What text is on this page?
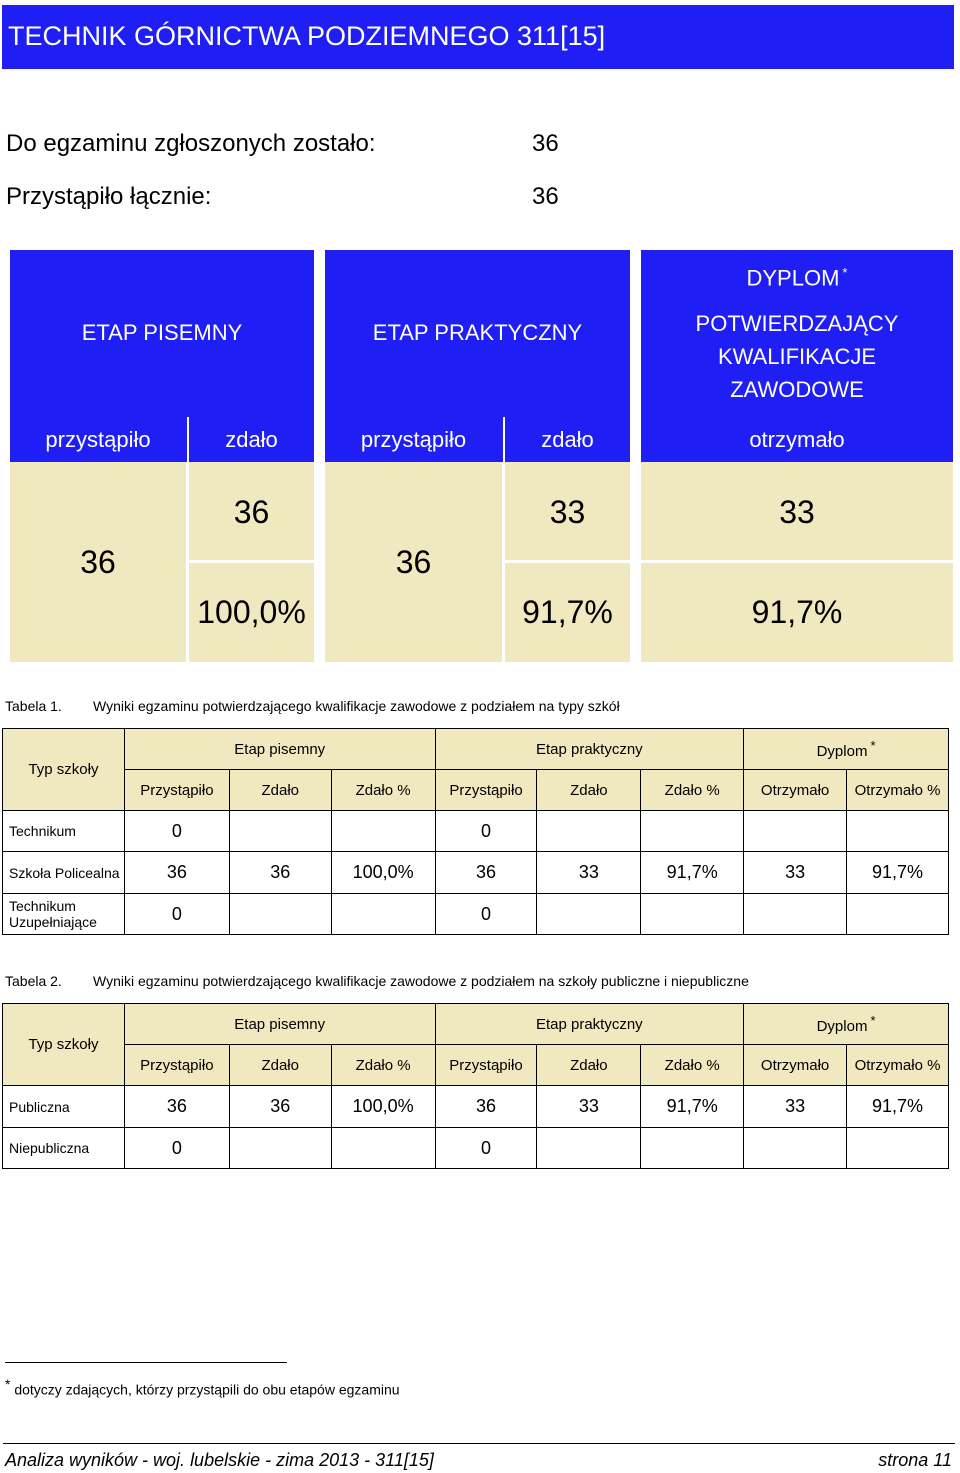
TECHNIK GÓRNICTWA PODZIEMNEGO 311[15]
Do egzaminu zgłoszonych zostało:	36
Przystąpiło łącznie:	36
ETAP PISEMNY	ETAP PRAKTYCZNY
DYPLOM *
POTWIERDZAJĄCY
KWALIFIKACJE
ZAWODOWE
przystąpiło	zdało	przystąpiło	zdało	otrzymało
36
36
100,0%
36
33
91,7%
33
91,7%
Tabela 1. Wyniki egzaminu potwierdzającego kwalifikacje zawodowe z podziałem na typy szkół
Typ szkoły	Etap pisemny			Etap praktyczny			Dyplom *	
	Przystąpiło	Zdało	Zdało %	Przystąpiło	Zdało	Zdało %	Otrzymało	Otrzymało %
Technikum	0			0				
Szkoła Policealna	36	36	100,0%	36	33	91,7%	33	91,7%
Technikum Uzupełniające	0			0				
Tabela 2. Wyniki egzaminu potwierdzającego kwalifikacje zawodowe z podziałem na szkoły publiczne i niepubliczne
Typ szkoły	Etap pisemny			Etap praktyczny			Dyplom *	
	Przystąpiło	Zdało	Zdało %	Przystąpiło	Zdało	Zdało %	Otrzymało	Otrzymało %
Publiczna	36	36	100,0%	36	33	91,7%	33	91,7%
Niepubliczna	0			0				
* dotyczy zdających, którzy przystąpili do obu etapów egzaminu
Analiza wyników - woj. lubelskie - zima 2013 - 311[15]	strona 11
